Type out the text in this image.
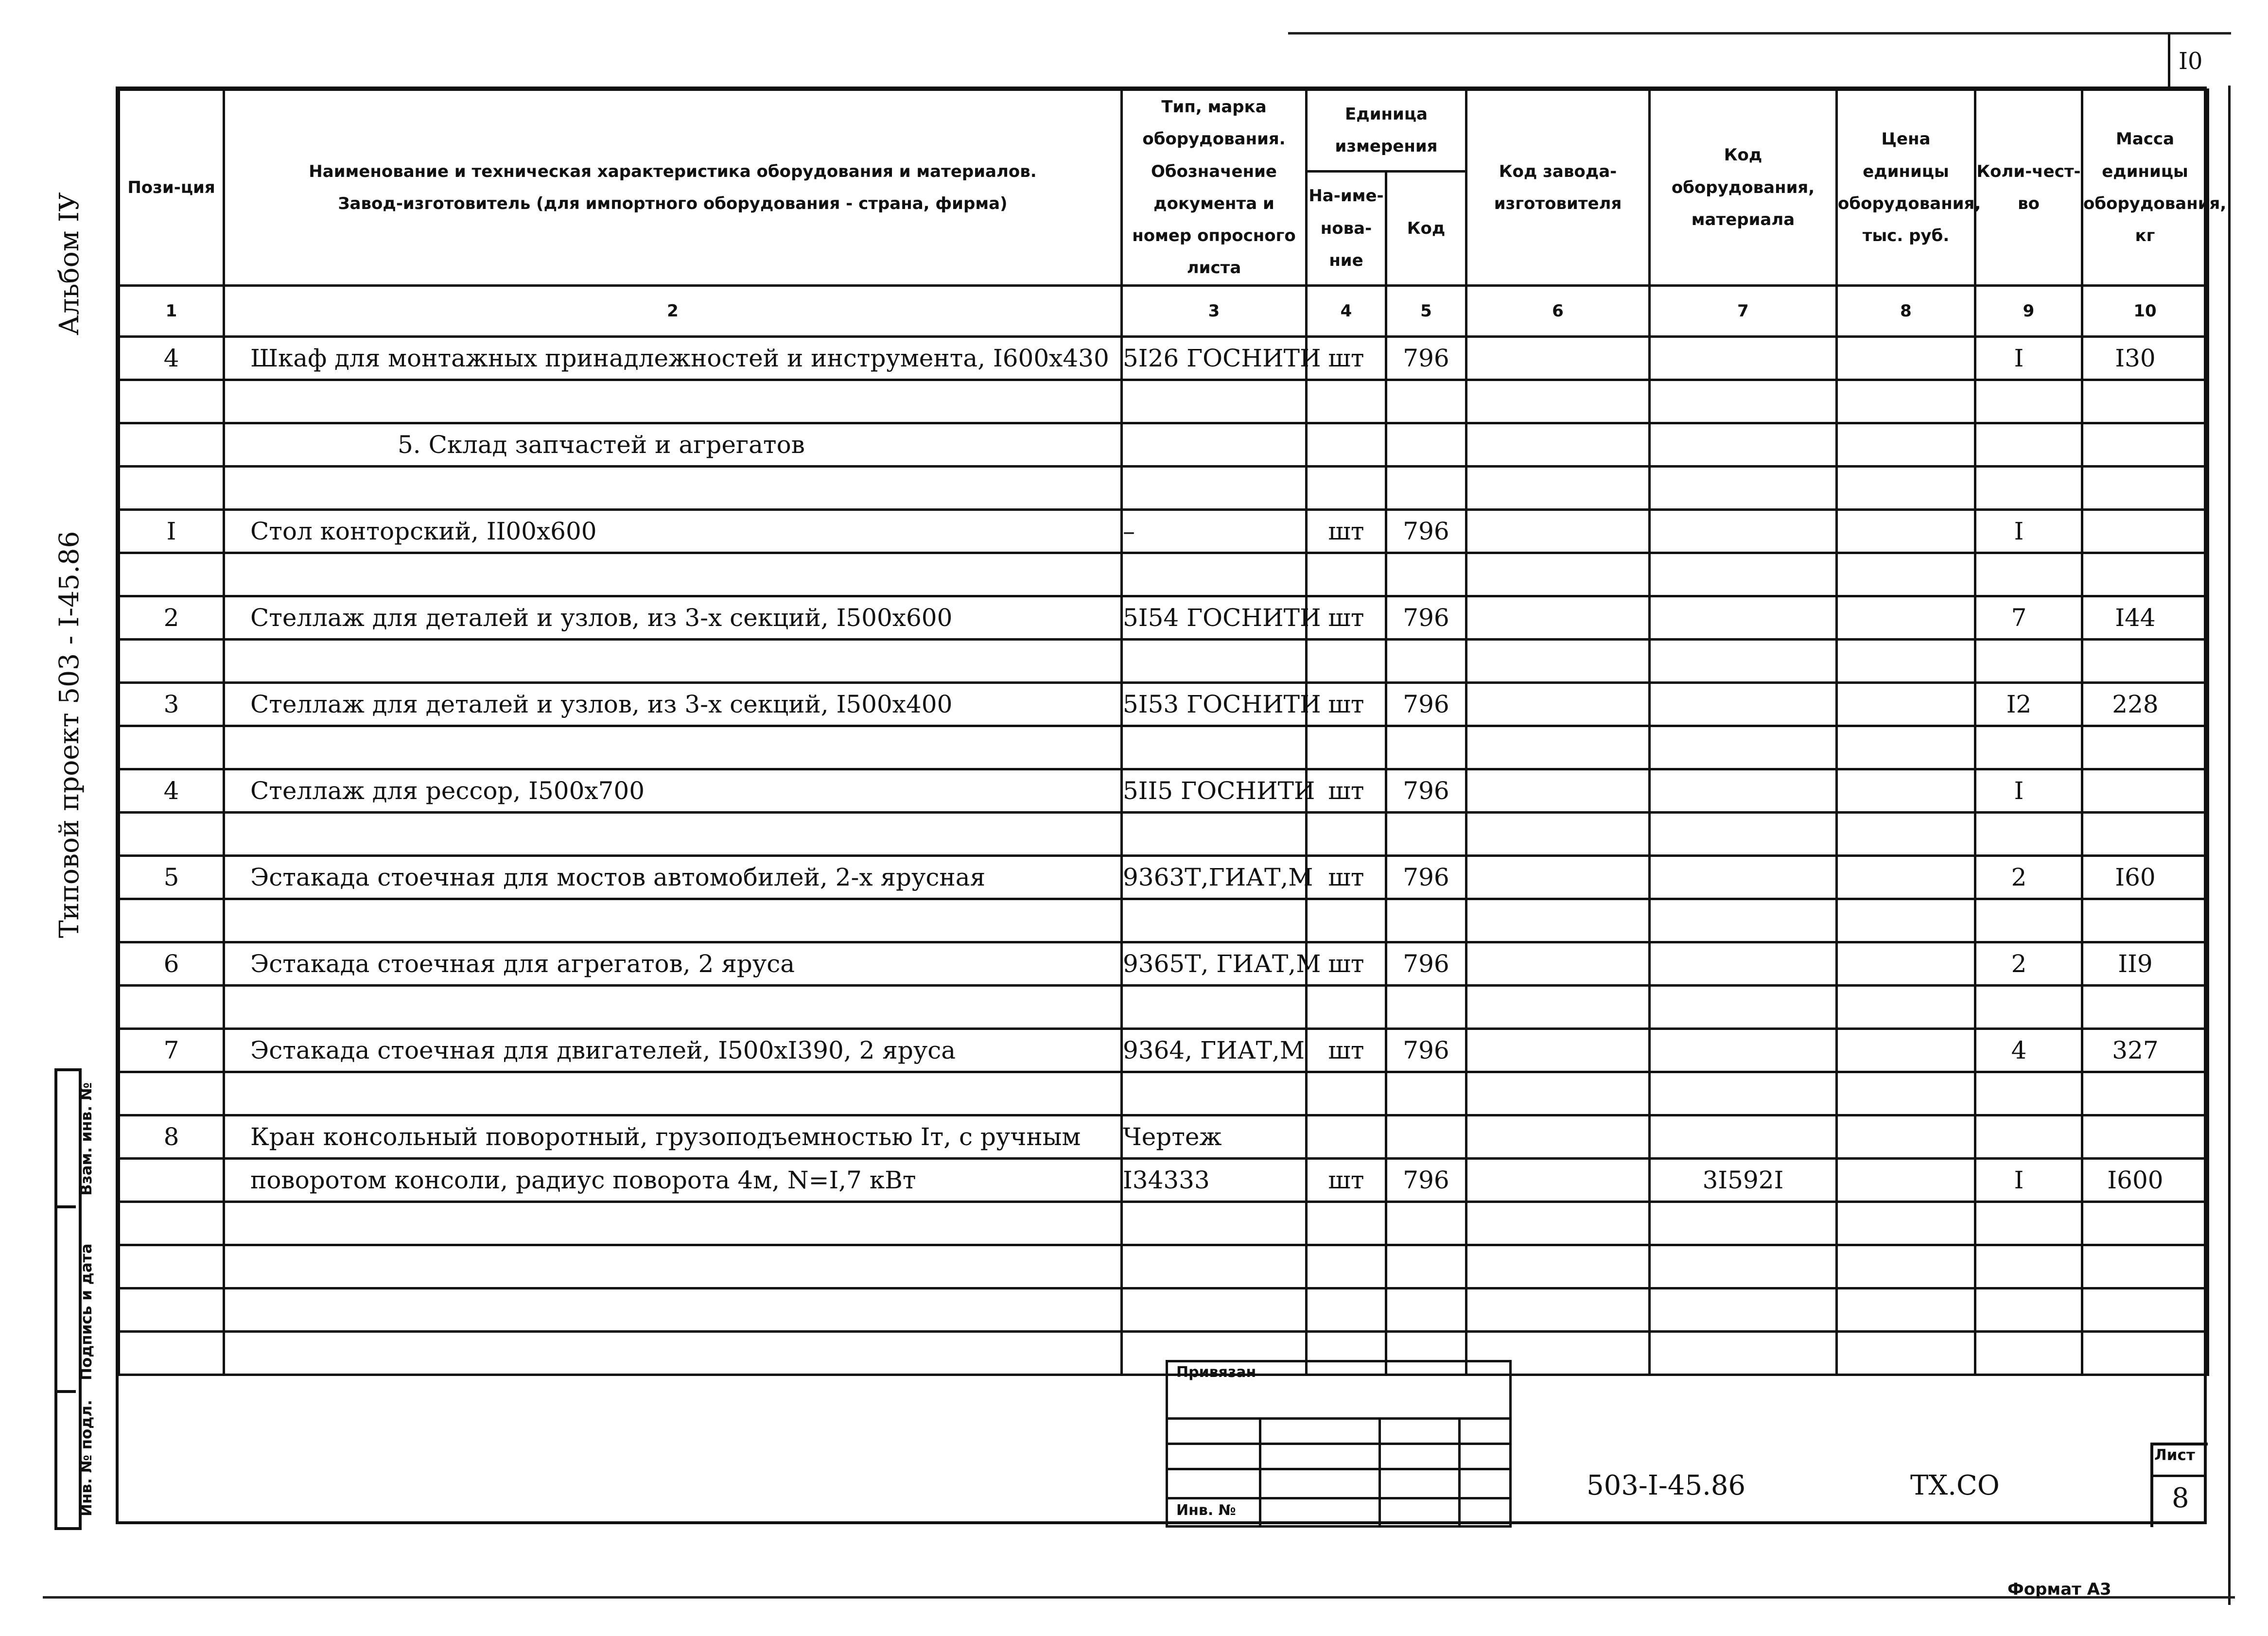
I0
Альбом IУ
Типовой проект 503 - I-45.86
Взам. инв. №
Подпись и дата
Инв. № подл.
Пози-ция	Наименование и техническая характеристика оборудования и материалов.
Завод-изготовитель (для импортного оборудования - страна, фирма)	Тип, марка оборудования. Обозначение документа и номер опросного листа	Единица измерения		Код завода-изготовителя	Код оборудования, материала	Цена единицы оборудования, тыс. руб.	Коли-чест-во	Масса единицы оборудования, кг
			На-име-нова-ние	Код					
1	2	3	4	5	6	7	8	9	10
4	Шкаф для монтажных принадлежностей и инструмента, I600x430	5I26 ГОСНИТИ	шт	796				I	I30

	5. Склад запчастей и агрегатов								

I	Стол конторский, II00x600	–	шт	796				I	

2	Стеллаж для деталей и узлов, из 3-х секций, I500x600	5I54 ГОСНИТИ	шт	796				7	I44

3	Стеллаж для деталей и узлов, из 3-х секций, I500x400	5I53 ГОСНИТИ	шт	796				I2	228

4	Стеллаж для рессор, I500x700	5II5 ГОСНИТИ	шт	796				I	

5	Эстакада стоечная для мостов автомобилей, 2-х ярусная	9363Т,ГИАТ,М	шт	796				2	I60

6	Эстакада стоечная для агрегатов, 2 яруса	9365Т, ГИАТ,М	шт	796				2	II9

7	Эстакада стоечная для двигателей, I500xI390, 2 яруса	9364, ГИАТ,М	шт	796				4	327

8	Кран консольный поворотный, грузоподъемностью Iт, с ручным	Чертеж							
	поворотом консоли, радиус поворота 4м, N=I,7 кВт	I34333	шт	796		3I592I		I	I600

Привязан
Инв. №
503-I-45.86	ТХ.СО
Лист
8
Формат А3
